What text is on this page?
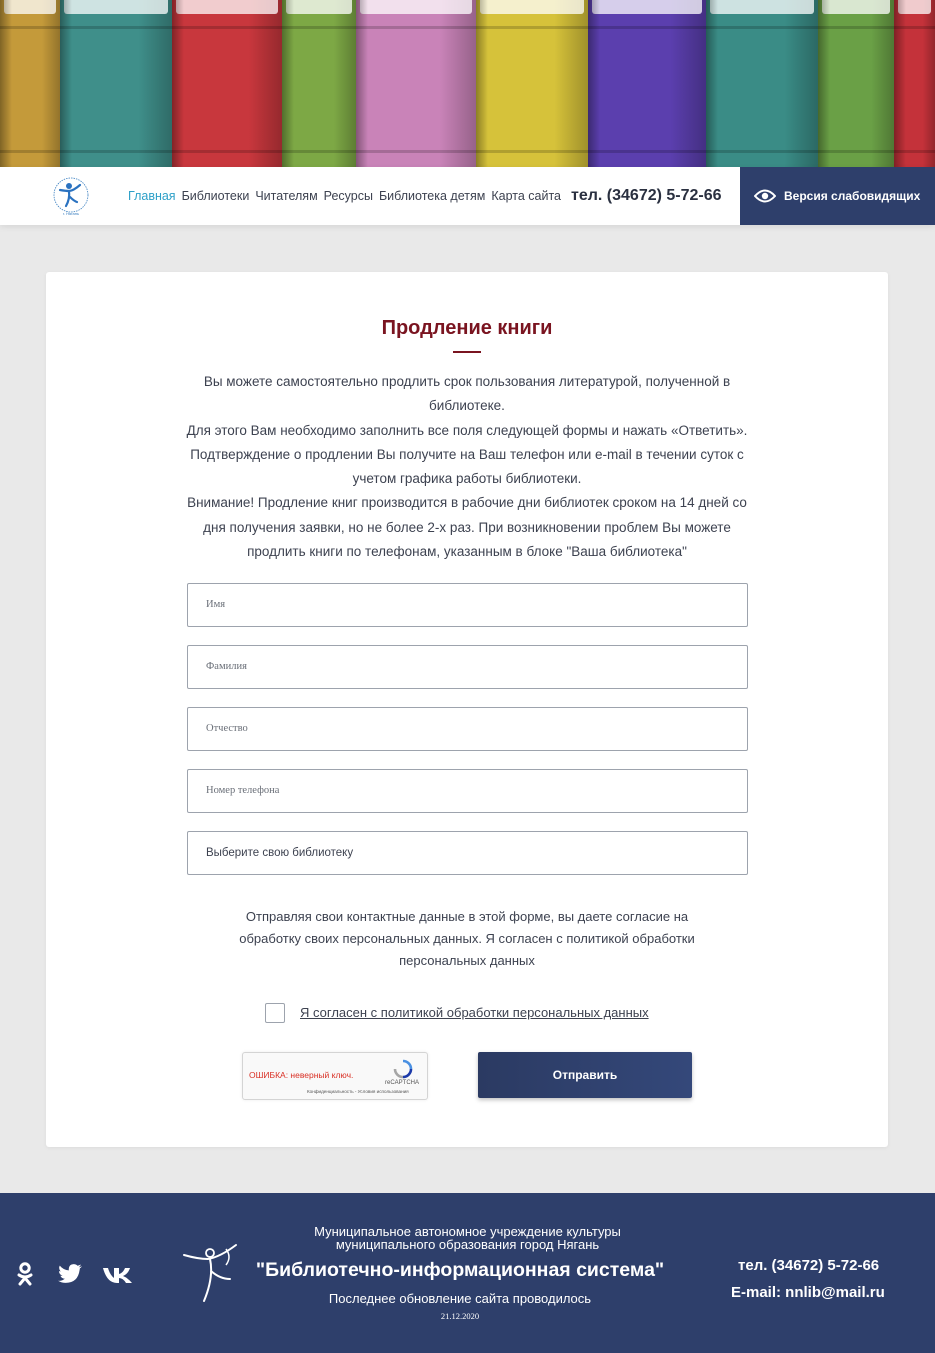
г. Нягань
Главная Библиотеки Читателям Ресурсы Библиотека детям Карта сайта тел. (34672) 5-72-66	Версия слабовидящих
Продление книги

Вы можете самостоятельно продлить срок пользования литературой, полученной в библиотеке.

Для этого Вам необходимо заполнить все поля следующей формы и нажать «Ответить».

Подтверждение о продлении Вы получите на Ваш телефон или e-mail в течении суток с учетом графика работы библиотеки.

Внимание! Продление книг производится в рабочие дни библиотек сроком на 14 дней со дня получения заявки, но не более 2-х раз. При возникновении проблем Вы можете продлить книги по телефонам, указанным в блоке "Ваша библиотека"

Имя
Фамилия
Отчество
Номер телефона
Выберите свою библиотеку

Отправляя свои контактные данные в этой форме, вы даете согласие на обработку своих персональных данных. Я согласен с политикой обработки персональных данных

Я согласен с политикой обработки персональных данных
ОШИБКА: неверный ключ.
reCAPTCHA
Конфиденциальность - Условия использования
Отправить
Муниципальное автономное учреждение культуры
муниципального образования город Нягань
"Библиотечно-информационная система"
Последнее обновление сайта проводилось
21.12.2020
тел. (34672) 5-72-66
E-mail: nnlib@mail.ru
